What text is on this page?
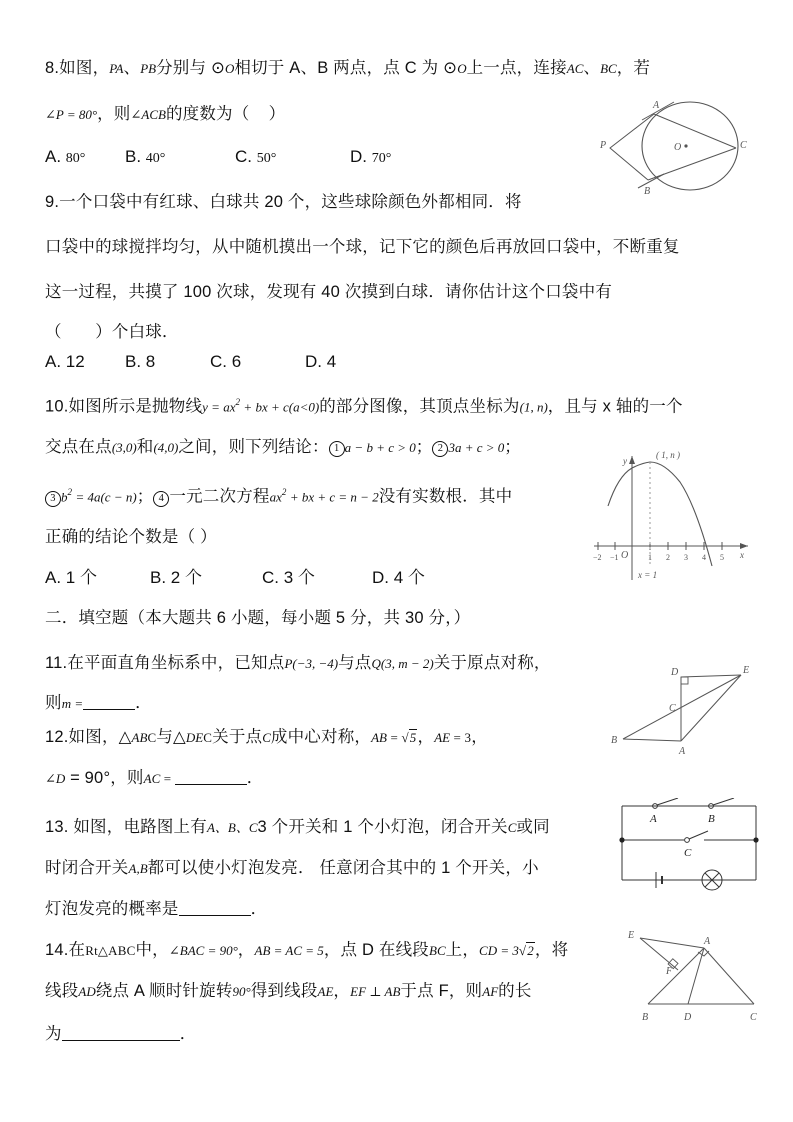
8.如图，PA、PB分别与 ⊙O相切于 A、B 两点，点 C 为 ⊙O上一点，连接AC、BC，若
∠P = 80°，则∠ACB的度数为（ ）
A. 80° B. 40°	C. 50°	D. 70°
A
P	O	C
B
9.一个口袋中有红球、白球共 20 个，这些球除颜色外都相同．将
口袋中的球搅拌均匀，从中随机摸出一个球，记下它的颜色后再放回口袋中，不断重复
这一过程，共摸了 100 次球，发现有 40 次摸到白球．请你估计这个口袋中有
（ ）个白球．
A. 12 B. 8	C. 6	D. 4
10.如图所示是抛物线$y = ax^2$ + bx + c(a<0)的部分图像，其顶点坐标为(1, n)，且与 x 轴的一个
交点在点(3,0)和(4,0)之间，则下列结论： 1 a − b + c > 0； 2 3a + c > 0；
3 $b^2 = 4a(c - n)$； 4 一元二次方程$ax^2$ + bx + c = n − 2没有实数根．其中
正确的结论个数是（ ）
A. 1 个	B. 2 个	C. 3 个	D. 4 个
y
x
O
−2 −1	1 2 3 4 5
( 1, n )
x = 1
二．填空题（本大题共 6 小题，每小题 5 分，共 30 分，）
11.在平面直角坐标系中，已知点P(−3, −4)与点Q(3, m − 2)关于原点对称，
则m =	．
12.如图，△ABC与△DEC关于点C成中心对称，AB = √5，AE = 3，
∠D = 90°，则AC =	．
D	E
C
B
A
13. 如图，电路图上有A、B、C3 个开关和 1 个小灯泡，闭合开关C或同
时闭合开关A,B都可以使小灯泡发亮． 任意闭合其中的 1 个开关，小
灯泡发亮的概率是	．
A	B
C
14.在Rt△ABC中，∠BAC = 90°，AB = AC = 5，点 D 在线段BC上，CD = 3√2，将
线段AD绕点 A 顺时针旋转90°得到线段AE，EF ⊥ AB于点 F，则AF的长
为	．
E
A
F
B	D	C
